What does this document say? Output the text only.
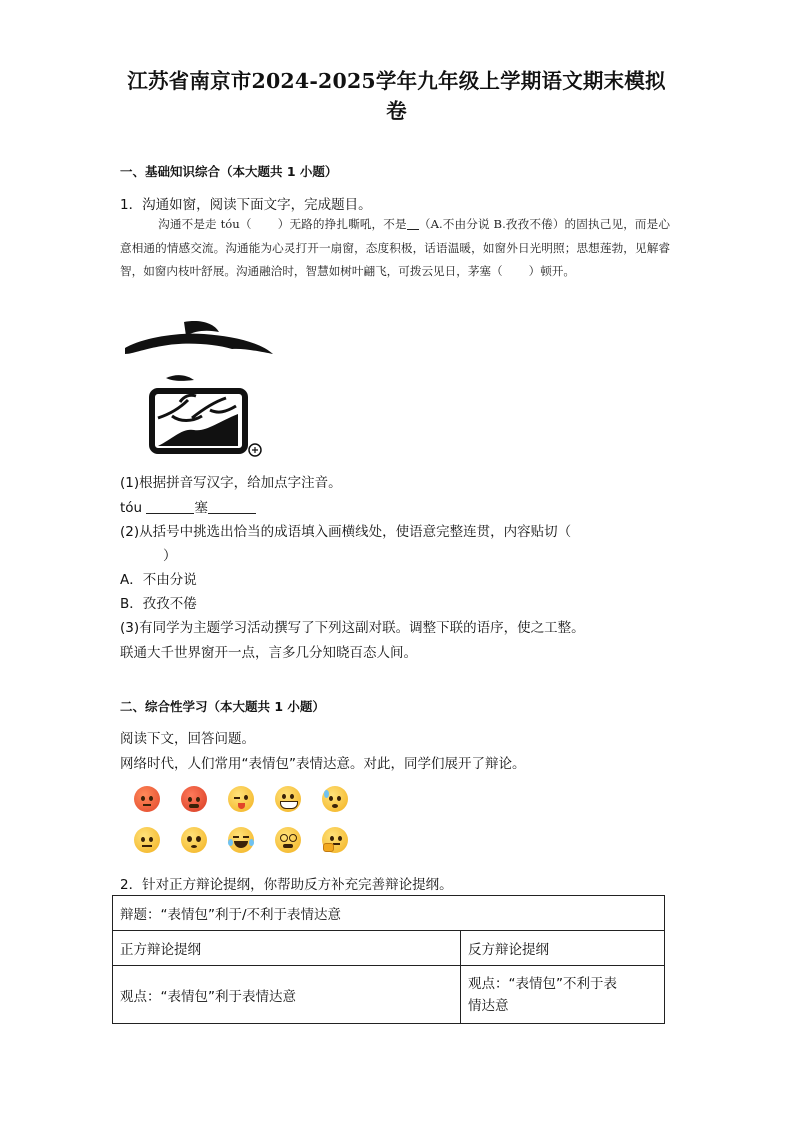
江苏省南京市2024-2025学年九年级上学期语文期末模拟
卷
一、基础知识综合（本大题共 1 小题）
1．沟通如窗，阅读下面文字，完成题目。
沟通不是走 tóu（ ）无路的挣扎嘶吼，不是 （A.不由分说 B.孜孜不倦）的固执己见，而是心意相通的情感交流。沟通能为心灵打开一扇窗，态度积极，话语温暖，如窗外日光明照；思想莲勃，见解睿智，如窗内枝叶舒展。沟通融洽时，智慧如树叶翩飞，可拨云见日，茅塞（ ）顿开。
(1)根据拼音写汉字，给加点字注音。
tóu	塞
(2)从括号中挑选出恰当的成语填入画横线处，使语意完整连贯，内容贴切（
）
A．不由分说
B．孜孜不倦
(3)有同学为主题学习活动撰写了下列这副对联。调整下联的语序，使之工整。
联通大千世界窗开一点，言多几分知晓百态人间。
二、综合性学习（本大题共 1 小题）
阅读下文，回答问题。
网络时代，人们常用“表情包”表情达意。对此，同学们展开了辩论。
2．针对正方辩论提纲，你帮助反方补充完善辩论提纲。
辩题：“表情包”利于/不利于表情达意	
正方辩论提纲	反方辩论提纲
观点：“表情包”利于表情达意	观点：“表情包”不利于表
情达意
